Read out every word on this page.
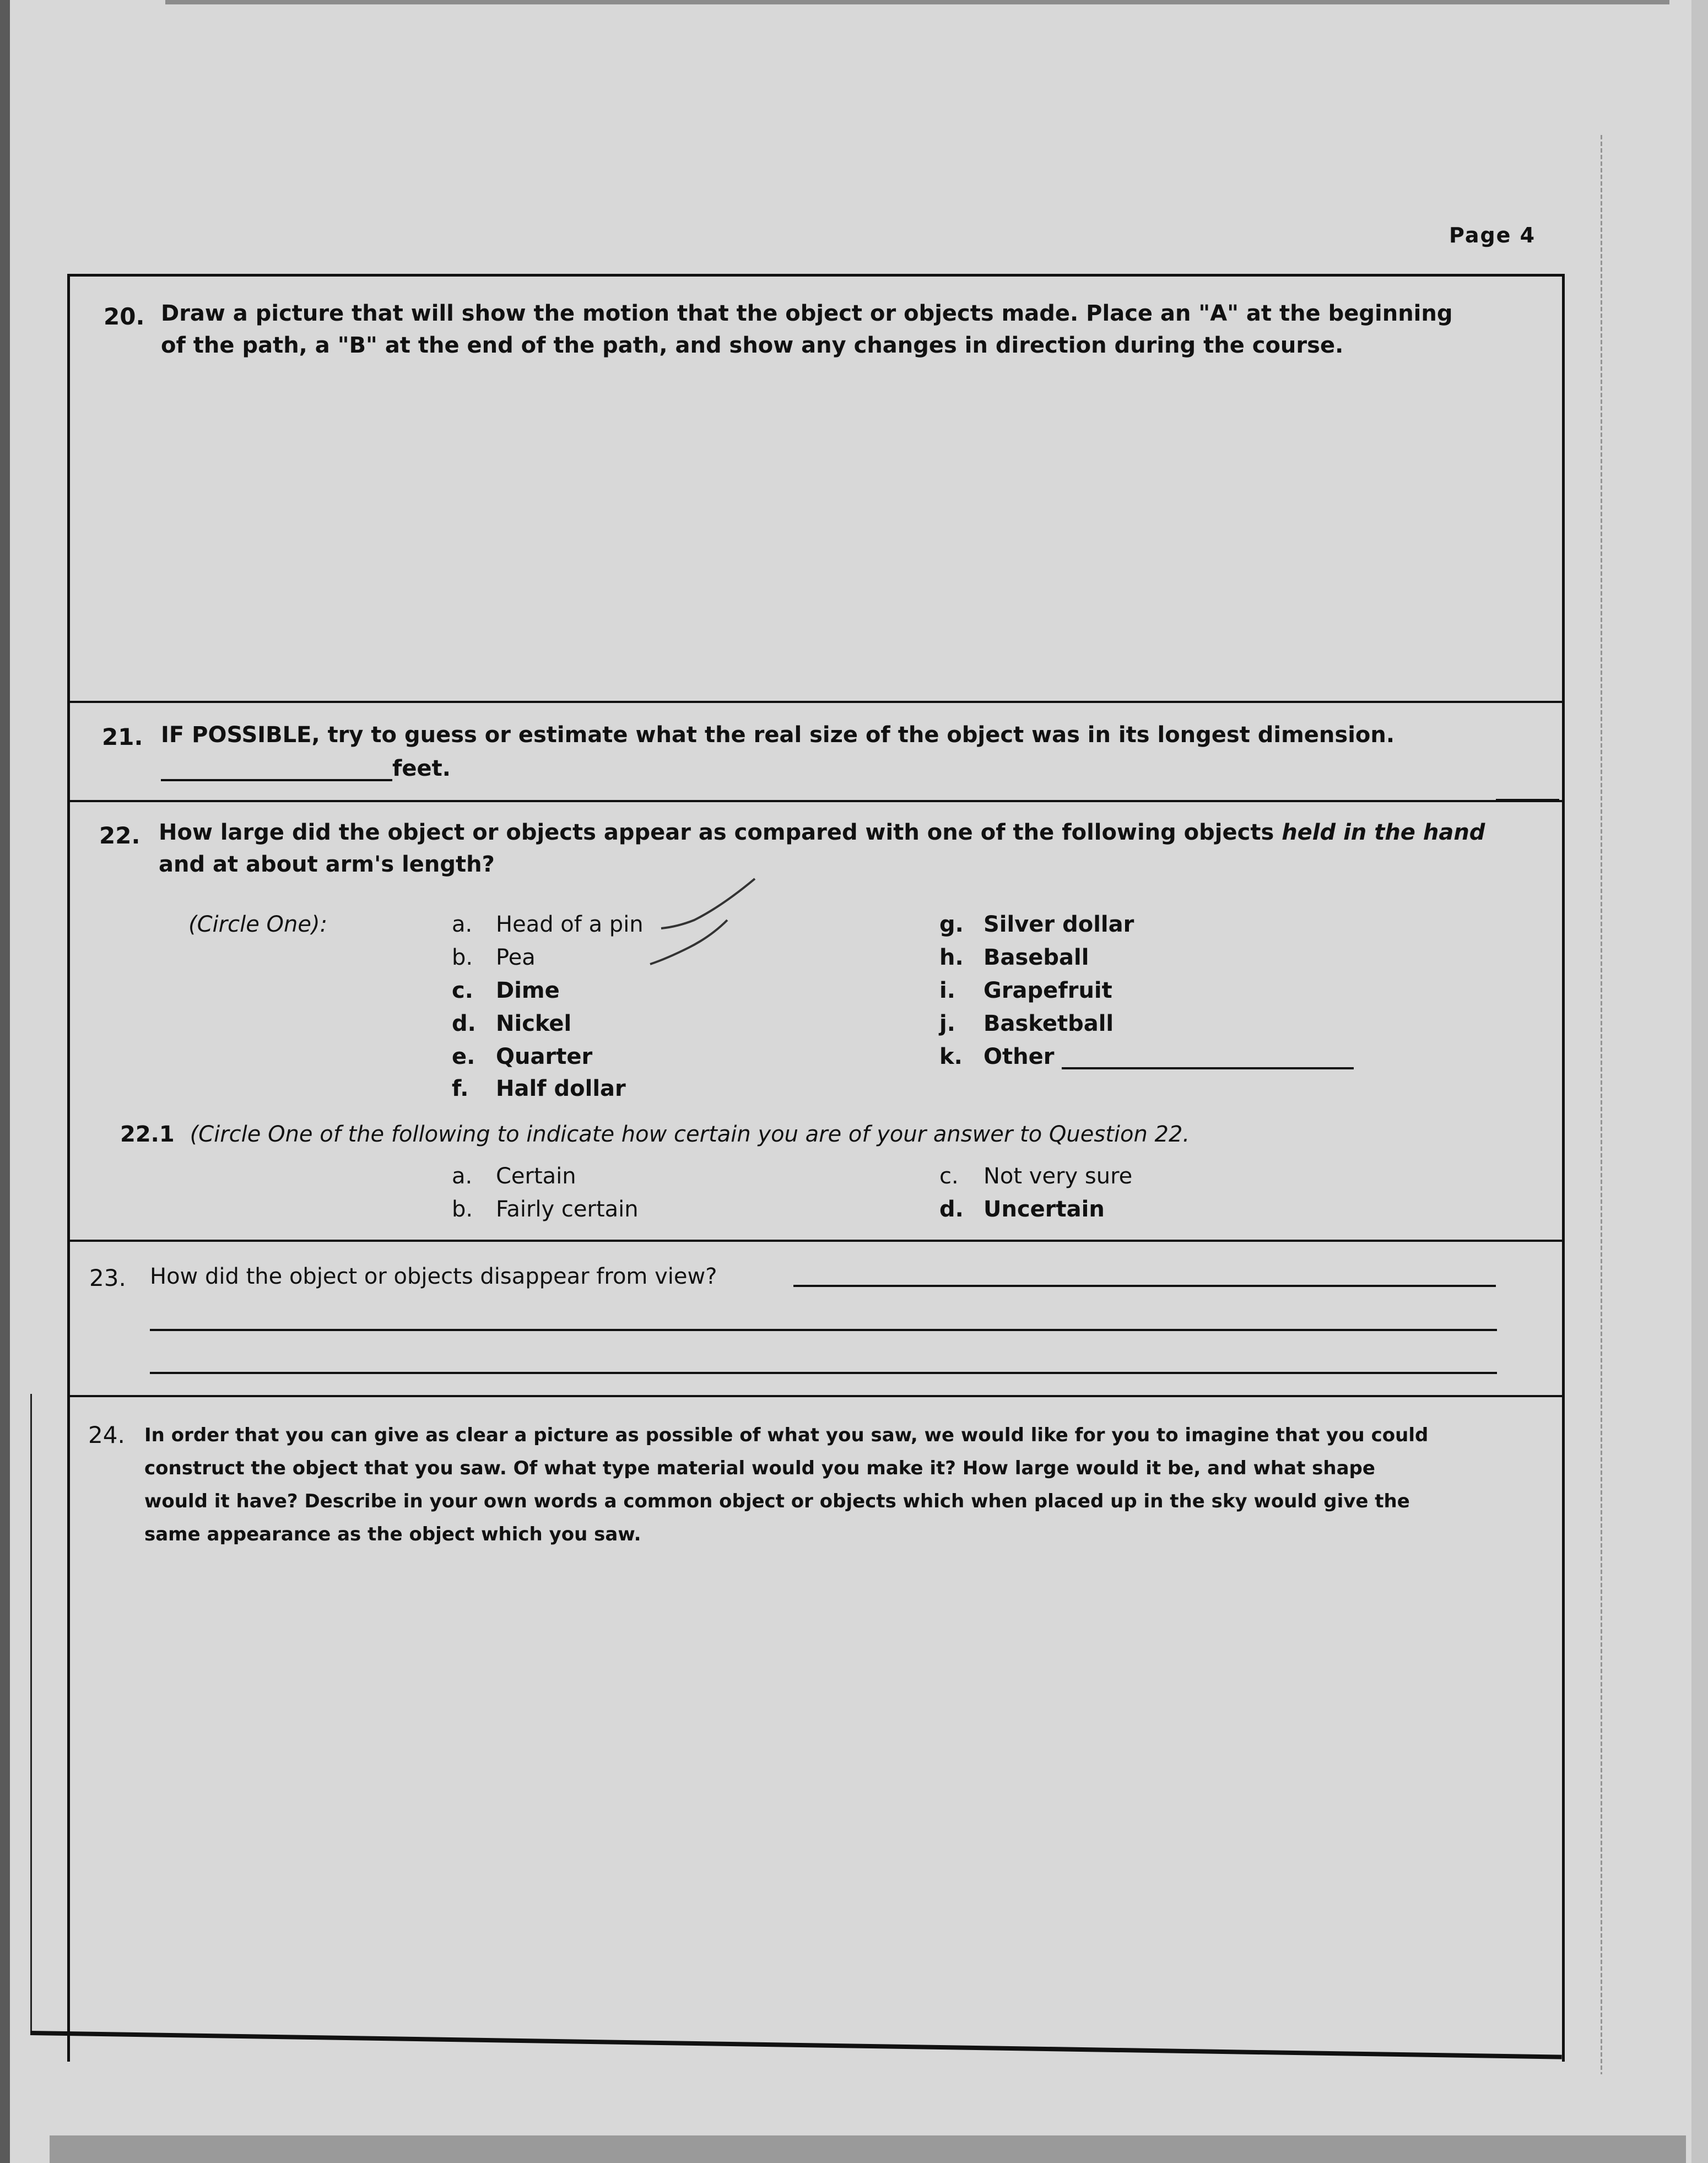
Page 4
20. Draw a picture that will show the motion that the object or objects made. Place an "A" at the beginning
of the path, a "B" at the end of the path, and show any changes in direction during the course.
21. IF POSSIBLE, try to guess or estimate what the real size of the object was in its longest dimension.
feet.
22. How large did the object or objects appear as compared with one of the following objects held in the hand
and at about arm's length?
(Circle One):	a. Head of a pin
b. Pea
c. Dime
d. Nickel
e. Quarter
f. Half dollar
g. Silver dollar
h. Baseball
i. Grapefruit
j. Basketball
k. Other
22.1 (Circle One of the following to indicate how certain you are of your answer to Question 22.
a. Certain
b. Fairly certain
c. Not very sure
d. Uncertain
23. How did the object or objects disappear from view?
24. In order that you can give as clear a picture as possible of what you saw, we would like for you to imagine that you could
construct the object that you saw. Of what type material would you make it? How large would it be, and what shape
would it have? Describe in your own words a common object or objects which when placed up in the sky would give the
same appearance as the object which you saw.
